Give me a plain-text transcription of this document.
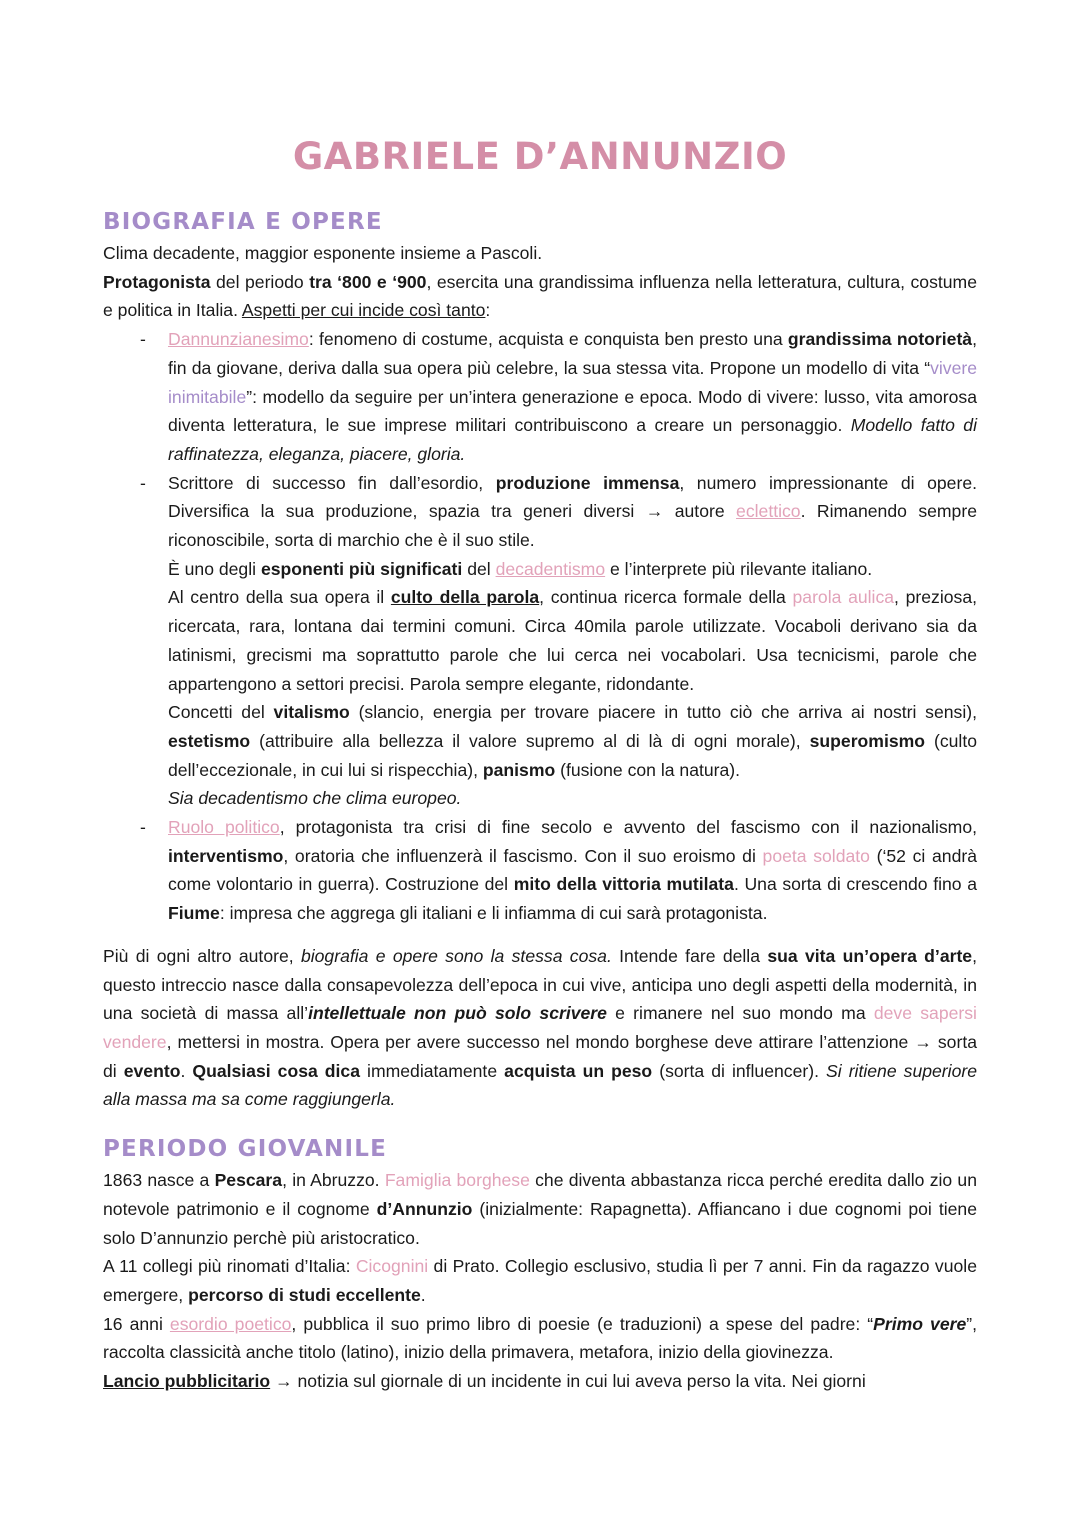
GABRIELE D’ANNUNZIO
BIOGRAFIA E OPERE

Clima decadente, maggior esponente insieme a Pascoli.
Protagonista del periodo tra ‘800 e ‘900, esercita una grandissima influenza nella letteratura, cultura, costume e politica in Italia. Aspetti per cui incide così tanto:

- Dannunzianesimo: fenomeno di costume, acquista e conquista ben presto una grandissima notorietà, fin da giovane, deriva dalla sua opera più celebre, la sua stessa vita. Propone un modello di vita “vivere inimitabile”: modello da seguire per un’intera generazione e epoca. Modo di vivere: lusso, vita amorosa diventa letteratura, le sue imprese militari contribuiscono a creare un personaggio. Modello fatto di raffinatezza, eleganza, piacere, gloria.
- Scrittore di successo fin dall’esordio, produzione immensa, numero impressionante di opere. Diversifica la sua produzione, spazia tra generi diversi → autore eclettico. Rimanendo sempre riconoscibile, sorta di marchio che è il suo stile.
È uno degli esponenti più significati del decadentismo e l’interprete più rilevante italiano.
Al centro della sua opera il culto della parola, continua ricerca formale della parola aulica, preziosa, ricercata, rara, lontana dai termini comuni. Circa 40mila parole utilizzate. Vocaboli derivano sia da latinismi, grecismi ma soprattutto parole che lui cerca nei vocabolari. Usa tecnicismi, parole che appartengono a settori precisi. Parola sempre elegante, ridondante.
Concetti del vitalismo (slancio, energia per trovare piacere in tutto ciò che arriva ai nostri sensi), estetismo (attribuire alla bellezza il valore supremo al di là di ogni morale), superomismo (culto dell’eccezionale, in cui lui si rispecchia), panismo (fusione con la natura).
Sia decadentismo che clima europeo.
- Ruolo politico, protagonista tra crisi di fine secolo e avvento del fascismo con il nazionalismo, interventismo, oratoria che influenzerà il fascismo. Con il suo eroismo di poeta soldato (‘52 ci andrà come volontario in guerra). Costruzione del mito della vittoria mutilata. Una sorta di crescendo fino a Fiume: impresa che aggrega gli italiani e li infiamma di cui sarà protagonista.

Più di ogni altro autore, biografia e opere sono la stessa cosa. Intende fare della sua vita un’opera d’arte, questo intreccio nasce dalla consapevolezza dell’epoca in cui vive, anticipa uno degli aspetti della modernità, in una società di massa all’intellettuale non può solo scrivere e rimanere nel suo mondo ma deve sapersi vendere, mettersi in mostra. Opera per avere successo nel mondo borghese deve attirare l’attenzione → sorta di evento. Qualsiasi cosa dica immediatamente acquista un peso (sorta di influencer). Si ritiene superiore alla massa ma sa come raggiungerla.

PERIODO GIOVANILE

1863 nasce a Pescara, in Abruzzo. Famiglia borghese che diventa abbastanza ricca perché eredita dallo zio un notevole patrimonio e il cognome d’Annunzio (inizialmente: Rapagnetta). Affiancano i due cognomi poi tiene solo D’annunzio perchè più aristocratico.

A 11 collegi più rinomati d’Italia: Cicognini di Prato. Collegio esclusivo, studia lì per 7 anni. Fin da ragazzo vuole emergere, percorso di studi eccellente.

16 anni esordio poetico, pubblica il suo primo libro di poesie (e traduzioni) a spese del padre: “Primo vere”, raccolta classicità anche titolo (latino), inizio della primavera, metafora, inizio della giovinezza.

Lancio pubblicitario → notizia sul giornale di un incidente in cui lui aveva perso la vita. Nei giorni
